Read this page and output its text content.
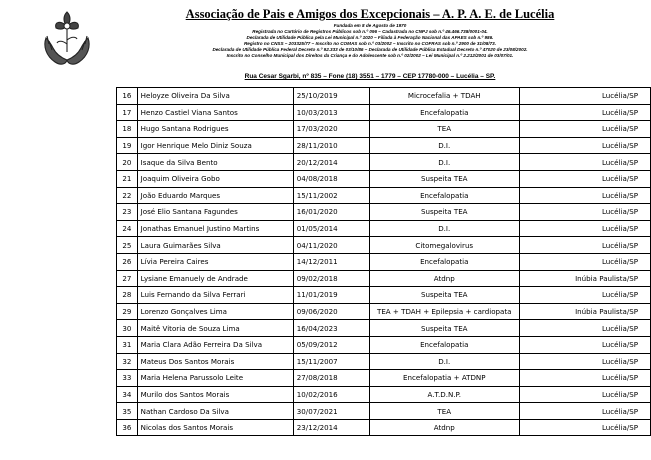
Associação de Pais e Amigos dos Excepcionais – A. P. A. E. de Lucélia
Fundada em 8 de Agosto de 1970
Registrada no Cartório de Registros Públicos sob n.º 096 – Cadastrada no CNPJ sob n.º 46.466.738/0001-04.
Declarada de Utilidade Pública pela Lei Municipal n.º 1020 – Filiada à Federação Nacional das APAES sob n.º 986.
Registro no CNSS – 203325/77 – Inscrito no COMAS sob n.º 03/2002 – Inscrito no COFRAS sob n.º 2900 de 31/08/73.
Declarada de Utilidade Pública Federal Decreto n.º 92.333 de 03/10/86 – Declarada de Utilidade Pública Estadual Decreto n.º 47020 de 23/08/2002.
Inscrito no Conselho Municipal dos Direitos da Criança e do Adolescente sob n.º 02/2002 – Lei Municipal n.º 2.212/2001 de 03/07/01.
Rua Cesar Sgarbi, nº 835 – Fone (18) 3551 – 1779 – CEP 17780-000 – Lucélia – SP.
16	Heloyze Oliveira Da Silva	25/10/2019	Microcefalia + TDAH	Lucélia/SP
17	Henzo Castiel Viana Santos	10/03/2013	Encefalopatia	Lucélia/SP
18	Hugo Santana Rodrigues	17/03/2020	TEA	Lucélia/SP
19	Igor Henrique Melo Diniz Souza	28/11/2010	D.I.	Lucélia/SP
20	Isaque da Silva Bento	20/12/2014	D.I.	Lucélia/SP
21	Joaquim Oliveira Gobo	04/08/2018	Suspeita TEA	Lucélia/SP
22	João Eduardo Marques	15/11/2002	Encefalopatia	Lucélia/SP
23	José Elio Santana Fagundes	16/01/2020	Suspeita TEA	Lucélia/SP
24	Jonathas Emanuel Justino Martins	01/05/2014	D.I.	Lucélia/SP
25	Laura Guimarães Silva	04/11/2020	Citomegalovirus	Lucélia/SP
26	Lívia Pereira Caires	14/12/2011	Encefalopatia	Lucélia/SP
27	Lysiane Emanuely de Andrade	09/02/2018	Atdnp	Inúbia Paulista/SP
28	Luis Fernando da Silva Ferrari	11/01/2019	Suspeita TEA	Lucélia/SP
29	Lorenzo Gonçalves Lima	09/06/2020	TEA + TDAH + Epilepsia + cardiopata	Inúbia Paulista/SP
30	Maitê Vitoria de Souza Lima	16/04/2023	Suspeita TEA	Lucélia/SP
31	Maria Clara Adão Ferreira Da Silva	05/09/2012	Encefalopatia	Lucélia/SP
32	Mateus Dos Santos Morais	15/11/2007	D.I.	Lucélia/SP
33	Maria Helena Parussolo Leite	27/08/2018	Encefalopatia + ATDNP	Lucélia/SP
34	Murilo dos Santos Morais	10/02/2016	A.T.D.N.P.	Lucélia/SP
35	Nathan Cardoso Da Silva	30/07/2021	TEA	Lucélia/SP
36	Nicolas dos Santos Morais	23/12/2014	Atdnp	Lucélia/SP
